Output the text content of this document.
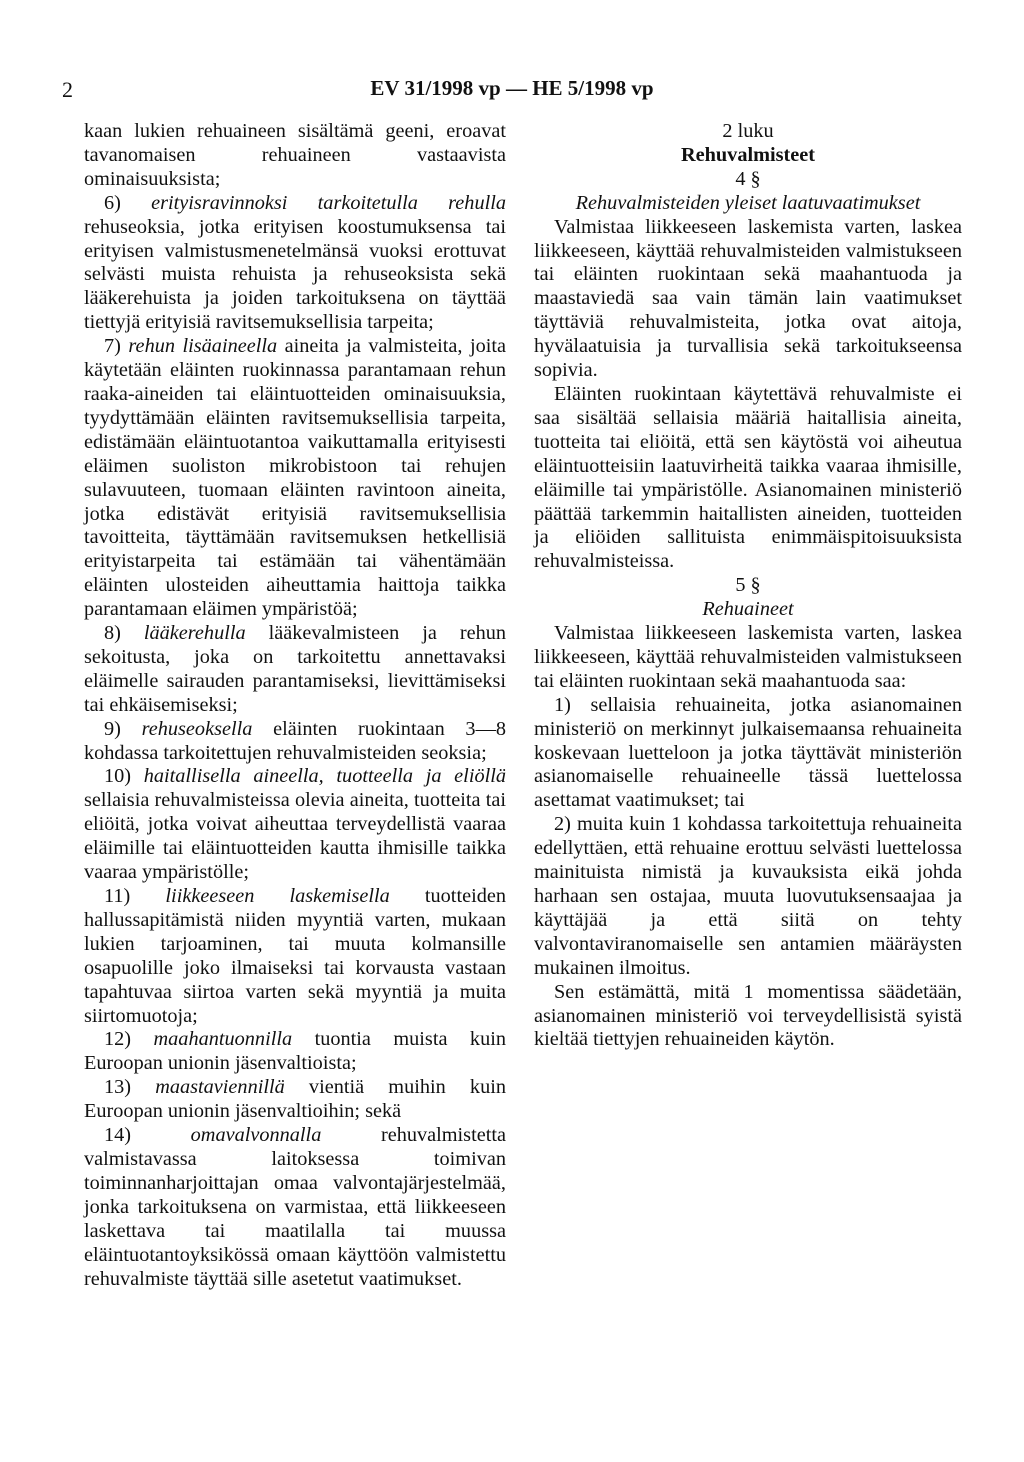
2	EV 31/1998 vp — HE 5/1998 vp

kaan lukien rehuaineen sisältämä geeni, eroavat tavanomaisen rehuaineen vastaavista ominaisuuksista;

6) erityisravinnoksi tarkoitetulla rehulla rehuseoksia, jotka erityisen koostumuksensa tai erityisen valmistusmenetelmänsä vuoksi erottuvat selvästi muista rehuista ja rehuseoksista sekä lääkerehuista ja joiden tarkoituksena on täyttää tiettyjä erityisiä ravitsemuksellisia tarpeita;

7) rehun lisäaineella aineita ja valmisteita, joita käytetään eläinten ruokinnassa parantamaan rehun raaka-aineiden tai eläintuotteiden ominaisuuksia, tyydyttämään eläinten ravitsemuksellisia tarpeita, edistämään eläintuotantoa vaikuttamalla erityisesti eläimen suoliston mikrobistoon tai rehujen sulavuuteen, tuomaan eläinten ravintoon aineita, jotka edistävät erityisiä ravitsemuksellisia tavoitteita, täyttämään ravitsemuksen hetkellisiä erityistarpeita tai estämään tai vähentämään eläinten ulosteiden aiheuttamia haittoja taikka parantamaan eläimen ympäristöä;

8) lääkerehulla lääkevalmisteen ja rehun sekoitusta, joka on tarkoitettu annettavaksi eläimelle sairauden parantamiseksi, lievittämiseksi tai ehkäisemiseksi;

9) rehuseoksella eläinten ruokintaan 3—8 kohdassa tarkoitettujen rehuvalmisteiden seoksia;

10) haitallisella aineella, tuotteella ja eliöllä sellaisia rehuvalmisteissa olevia aineita, tuotteita tai eliöitä, jotka voivat aiheuttaa terveydellistä vaaraa eläimille tai eläintuotteiden kautta ihmisille taikka vaaraa ympäristölle;

11) liikkeeseen laskemisella tuotteiden hallussapitämistä niiden myyntiä varten, mukaan lukien tarjoaminen, tai muuta kolmansille osapuolille joko ilmaiseksi tai korvausta vastaan tapahtuvaa siirtoa varten sekä myyntiä ja muita siirtomuotoja;

12) maahantuonnilla tuontia muista kuin Euroopan unionin jäsenvaltioista;

13) maastaviennillä vientiä muihin kuin Euroopan unionin jäsenvaltioihin; sekä

14) omavalvonnalla rehuvalmistetta valmistavassa laitoksessa toimivan toiminnanharjoittajan omaa valvontajärjestelmää, jonka tarkoituksena on varmistaa, että liikkeeseen laskettava tai maatilalla tai muussa eläintuotantoyksikössä omaan käyttöön valmistettu rehuvalmiste täyttää sille asetetut vaatimukset.

2 luku

Rehuvalmisteet

4 §

Rehuvalmisteiden yleiset laatuvaatimukset

Valmistaa liikkeeseen laskemista varten, laskea liikkeeseen, käyttää rehuvalmisteiden valmistukseen tai eläinten ruokintaan sekä maahantuoda ja maastaviedä saa vain tämän lain vaatimukset täyttäviä rehuvalmisteita, jotka ovat aitoja, hyvälaatuisia ja turvallisia sekä tarkoitukseensa sopivia.

Eläinten ruokintaan käytettävä rehuvalmiste ei saa sisältää sellaisia määriä haitallisia aineita, tuotteita tai eliöitä, että sen käytöstä voi aiheutua eläintuotteisiin laatuvirheitä taikka vaaraa ihmisille, eläimille tai ympäristölle. Asianomainen ministeriö päättää tarkemmin haitallisten aineiden, tuotteiden ja eliöiden sallituista enimmäispitoisuuksista rehuvalmisteissa.

5 §

Rehuaineet

Valmistaa liikkeeseen laskemista varten, laskea liikkeeseen, käyttää rehuvalmisteiden valmistukseen tai eläinten ruokintaan sekä maahantuoda saa:

1) sellaisia rehuaineita, jotka asianomainen ministeriö on merkinnyt julkaisemaansa rehuaineita koskevaan luetteloon ja jotka täyttävät ministeriön asianomaiselle rehuaineelle tässä luettelossa asettamat vaatimukset; tai

2) muita kuin 1 kohdassa tarkoitettuja rehuaineita edellyttäen, että rehuaine erottuu selvästi luettelossa mainituista nimistä ja kuvauksista eikä johda harhaan sen ostajaa, muuta luovutuksensaajaa ja käyttäjää ja että siitä on tehty valvontaviranomaiselle sen antamien määräysten mukainen ilmoitus.

Sen estämättä, mitä 1 momentissa säädetään, asianomainen ministeriö voi terveydellisistä syistä kieltää tiettyjen rehuaineiden käytön.
